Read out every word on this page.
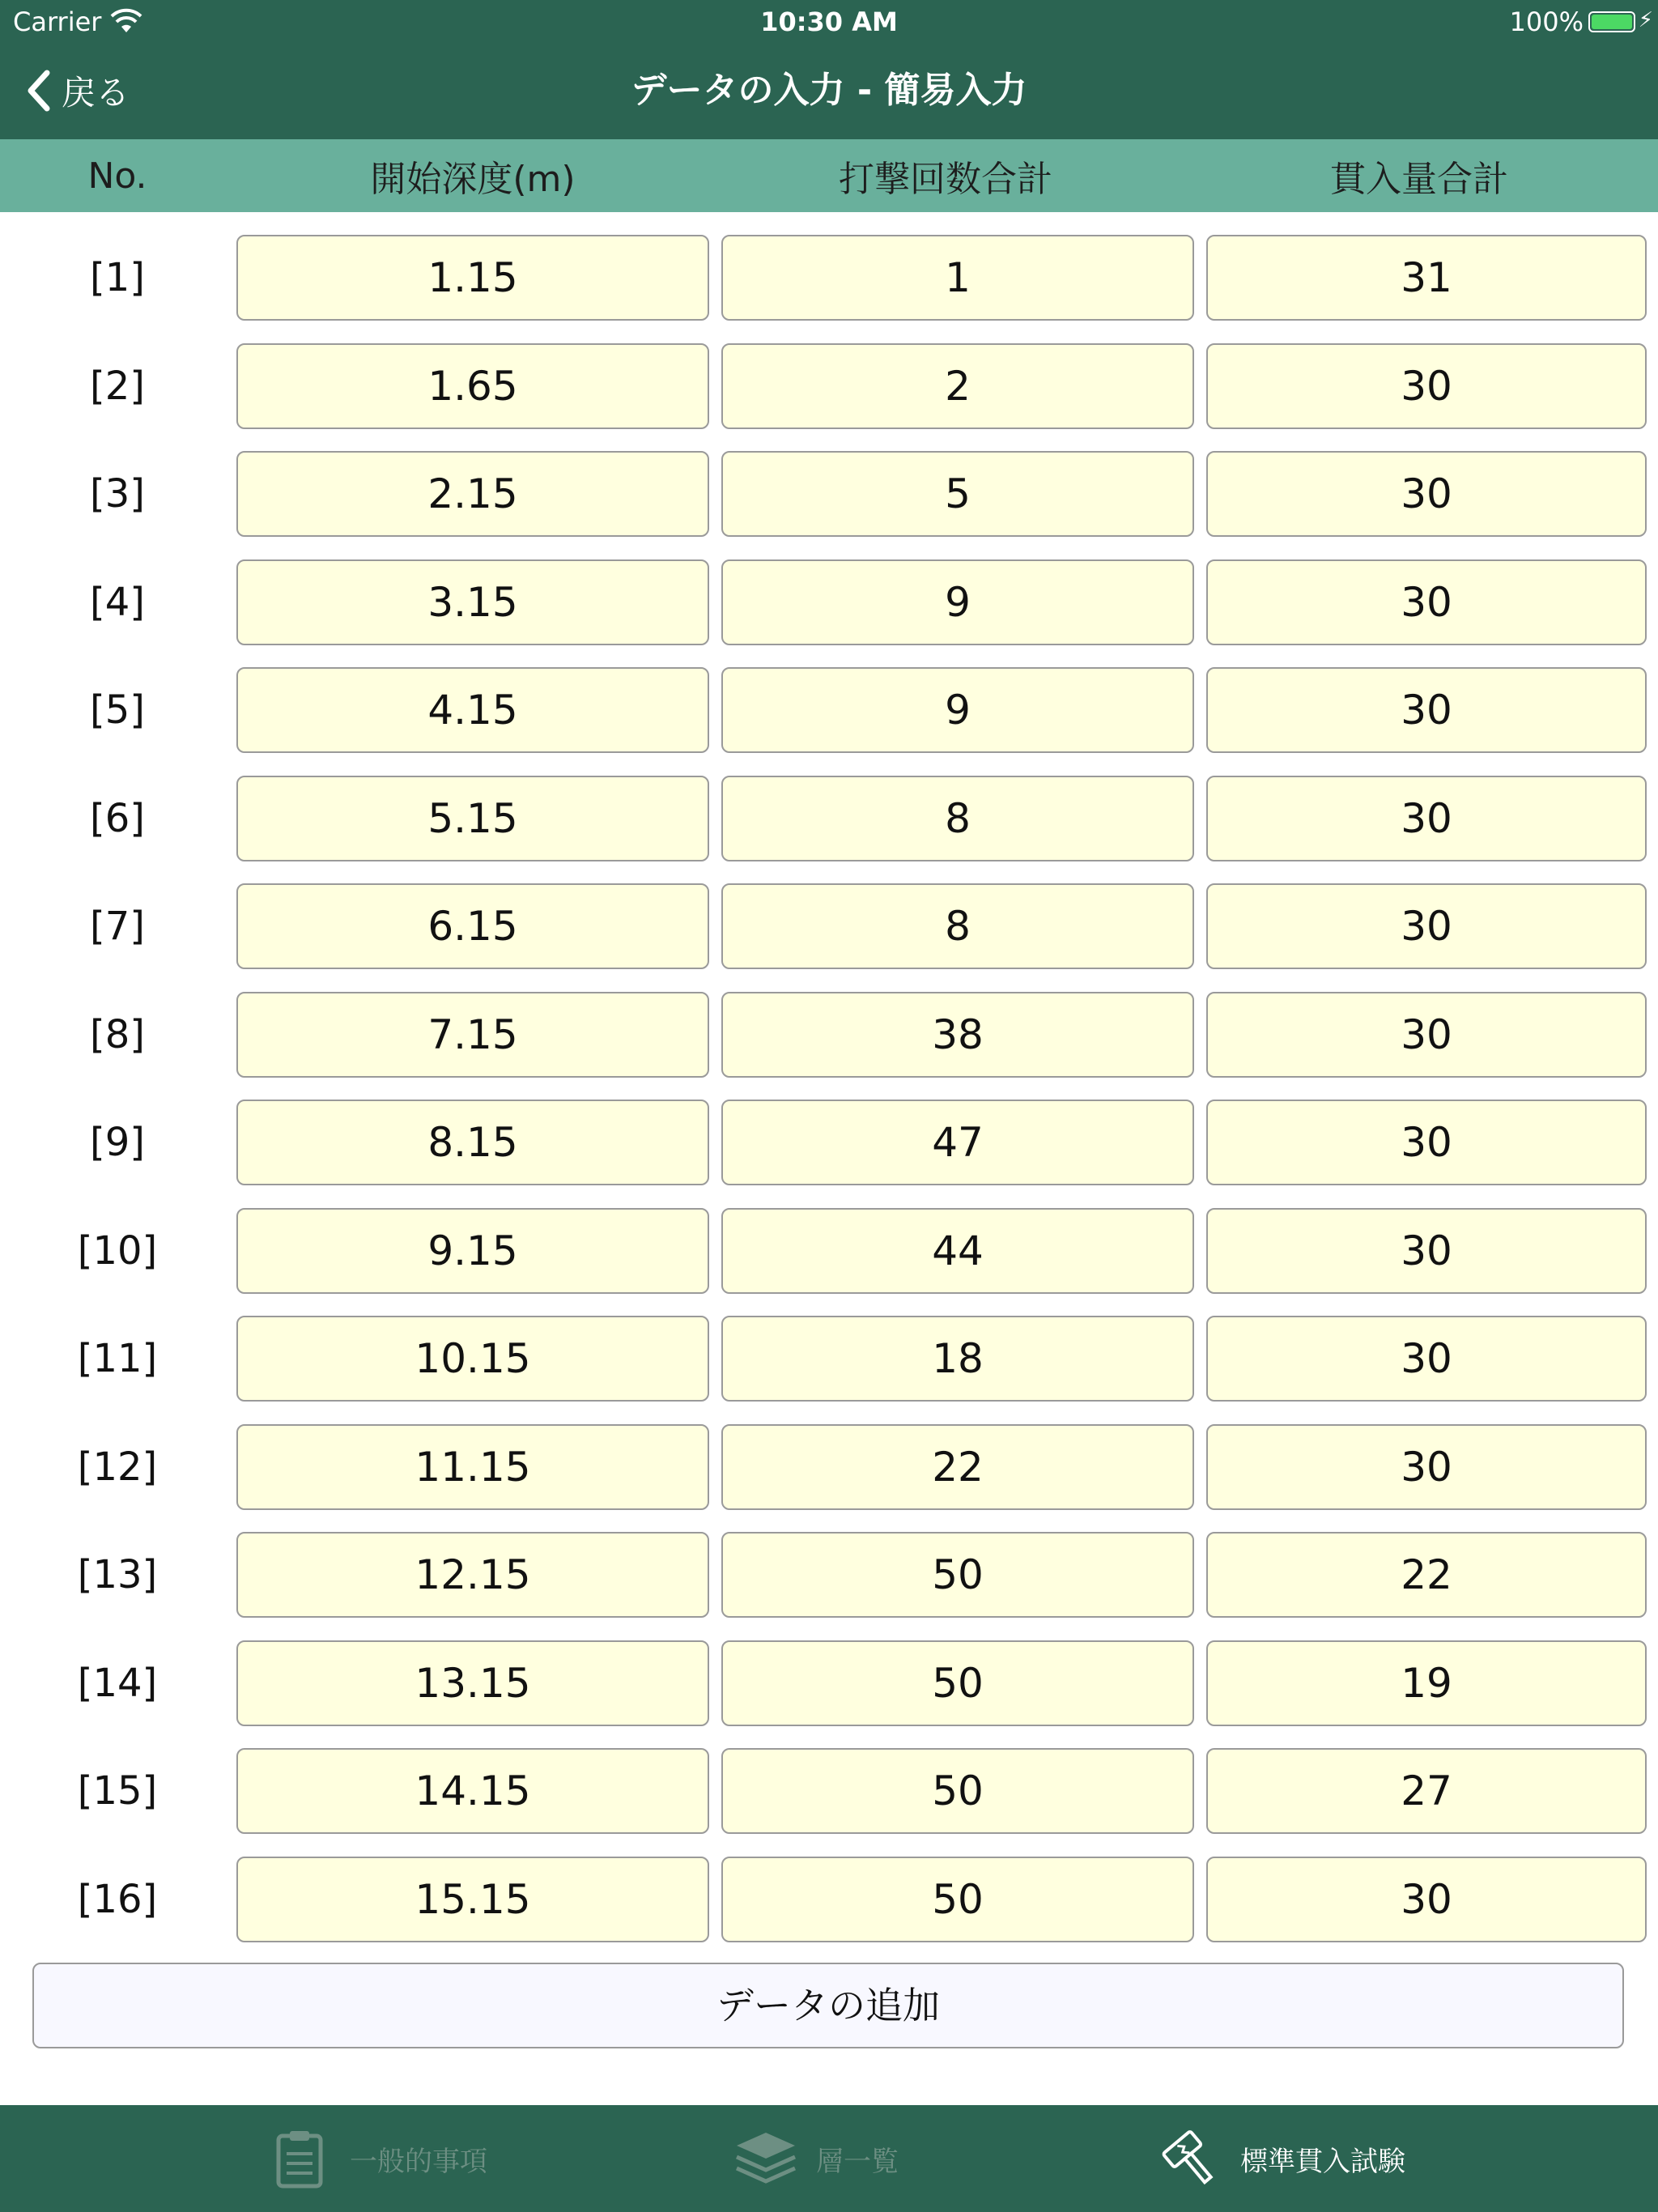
Carrier	10:30 AM	100%	⚡
戻る	データの入力 - 簡易入力
No.	開始深度(m)	打撃回数合計	貫入量合計
[1]	1.15	1	31
[2]	1.65	2	30
[3]	2.15	5	30
[4]	3.15	9	30
[5]	4.15	9	30
[6]	5.15	8	30
[7]	6.15	8	30
[8]	7.15	38	30
[9]	8.15	47	30
[10]	9.15	44	30
[11]	10.15	18	30
[12]	11.15	22	30
[13]	12.15	50	22
[14]	13.15	50	19
[15]	14.15	50	27
[16]	15.15	50	30
データの追加
一般的事項	層一覧	標準貫入試験
